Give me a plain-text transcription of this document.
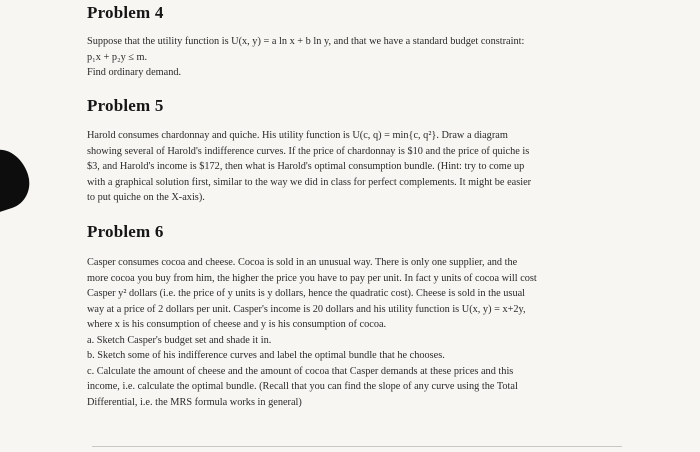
Problem 4
Suppose that the utility function is U(x, y) = a ln x + b ln y, and that we have a standard budget constraint:
p₁x + p₂y ≤ m.
Find ordinary demand.
Problem 5
Harold consumes chardonnay and quiche. His utility function is U(c, q) = min{c, q²}. Draw a diagram
showing several of Harold's indifference curves. If the price of chardonnay is $10 and the price of quiche is
$3, and Harold's income is $172, then what is Harold's optimal consumption bundle. (Hint: try to come up
with a graphical solution first, similar to the way we did in class for perfect complements. It might be easier
to put quiche on the X-axis).
Problem 6
Casper consumes cocoa and cheese. Cocoa is sold in an unusual way. There is only one supplier, and the
more cocoa you buy from him, the higher the price you have to pay per unit. In fact y units of cocoa will cost
Casper y² dollars (i.e. the price of y units is y dollars, hence the quadratic cost). Cheese is sold in the usual
way at a price of 2 dollars per unit. Casper's income is 20 dollars and his utility function is U(x, y) = x+2y,
where x is his consumption of cheese and y is his consumption of cocoa.
a. Sketch Casper's budget set and shade it in.
b. Sketch some of his indifference curves and label the optimal bundle that he chooses.
c. Calculate the amount of cheese and the amount of cocoa that Casper demands at these prices and this
income, i.e. calculate the optimal bundle. (Recall that you can find the slope of any curve using the Total
Differential, i.e. the MRS formula works in general)
